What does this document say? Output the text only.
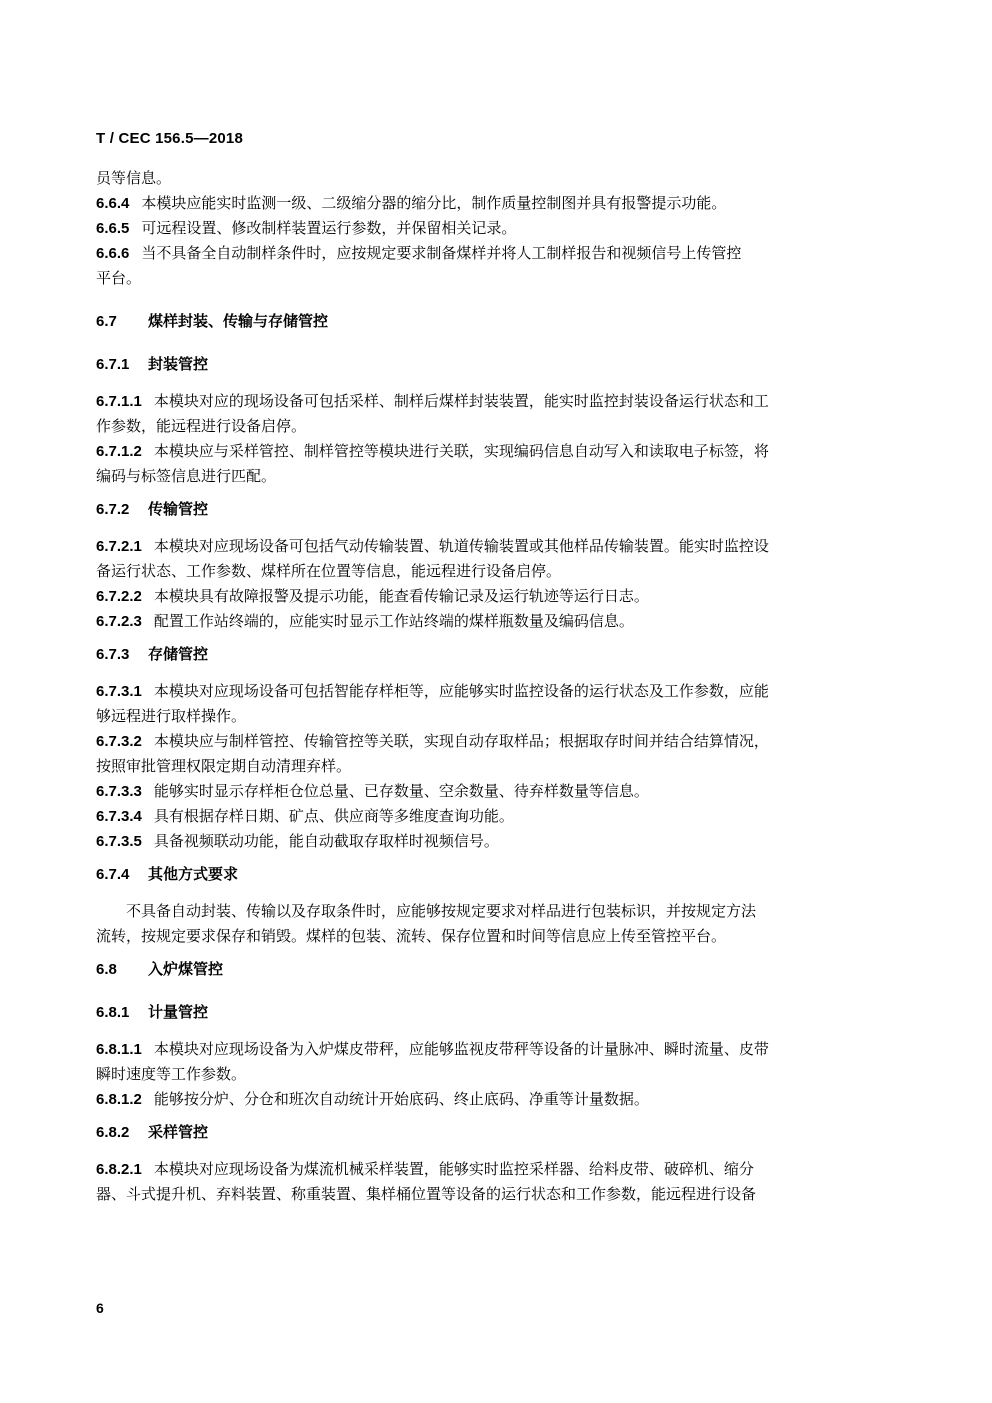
T / CEC 156.5—2018

员等信息。

6.6.4 本模块应能实时监测一级、二级缩分器的缩分比，制作质量控制图并具有报警提示功能。

6.6.5 可远程设置、修改制样装置运行参数，并保留相关记录。

6.6.6 当不具备全自动制样条件时，应按规定要求制备煤样并将人工制样报告和视频信号上传管控

平台。

6.7 煤样封装、传输与存储管控

6.7.1 封装管控

6.7.1.1 本模块对应的现场设备可包括采样、制样后煤样封装装置，能实时监控封装设备运行状态和工

作参数，能远程进行设备启停。

6.7.1.2 本模块应与采样管控、制样管控等模块进行关联，实现编码信息自动写入和读取电子标签，将

编码与标签信息进行匹配。

6.7.2 传输管控

6.7.2.1 本模块对应现场设备可包括气动传输装置、轨道传输装置或其他样品传输装置。能实时监控设

备运行状态、工作参数、煤样所在位置等信息，能远程进行设备启停。

6.7.2.2 本模块具有故障报警及提示功能，能查看传输记录及运行轨迹等运行日志。

6.7.2.3 配置工作站终端的，应能实时显示工作站终端的煤样瓶数量及编码信息。

6.7.3 存储管控

6.7.3.1 本模块对应现场设备可包括智能存样柜等，应能够实时监控设备的运行状态及工作参数，应能

够远程进行取样操作。

6.7.3.2 本模块应与制样管控、传输管控等关联，实现自动存取样品；根据取存时间并结合结算情况，

按照审批管理权限定期自动清理弃样。

6.7.3.3 能够实时显示存样柜仓位总量、已存数量、空余数量、待弃样数量等信息。

6.7.3.4 具有根据存样日期、矿点、供应商等多维度查询功能。

6.7.3.5 具备视频联动功能，能自动截取存取样时视频信号。

6.7.4 其他方式要求

不具备自动封装、传输以及存取条件时，应能够按规定要求对样品进行包装标识，并按规定方法

流转，按规定要求保存和销毁。煤样的包装、流转、保存位置和时间等信息应上传至管控平台。

6.8 入炉煤管控

6.8.1 计量管控

6.8.1.1 本模块对应现场设备为入炉煤皮带秤，应能够监视皮带秤等设备的计量脉冲、瞬时流量、皮带

瞬时速度等工作参数。

6.8.1.2 能够按分炉、分仓和班次自动统计开始底码、终止底码、净重等计量数据。

6.8.2 采样管控

6.8.2.1 本模块对应现场设备为煤流机械采样装置，能够实时监控采样器、给料皮带、破碎机、缩分

器、斗式提升机、弃料装置、称重装置、集样桶位置等设备的运行状态和工作参数，能远程进行设备

6
